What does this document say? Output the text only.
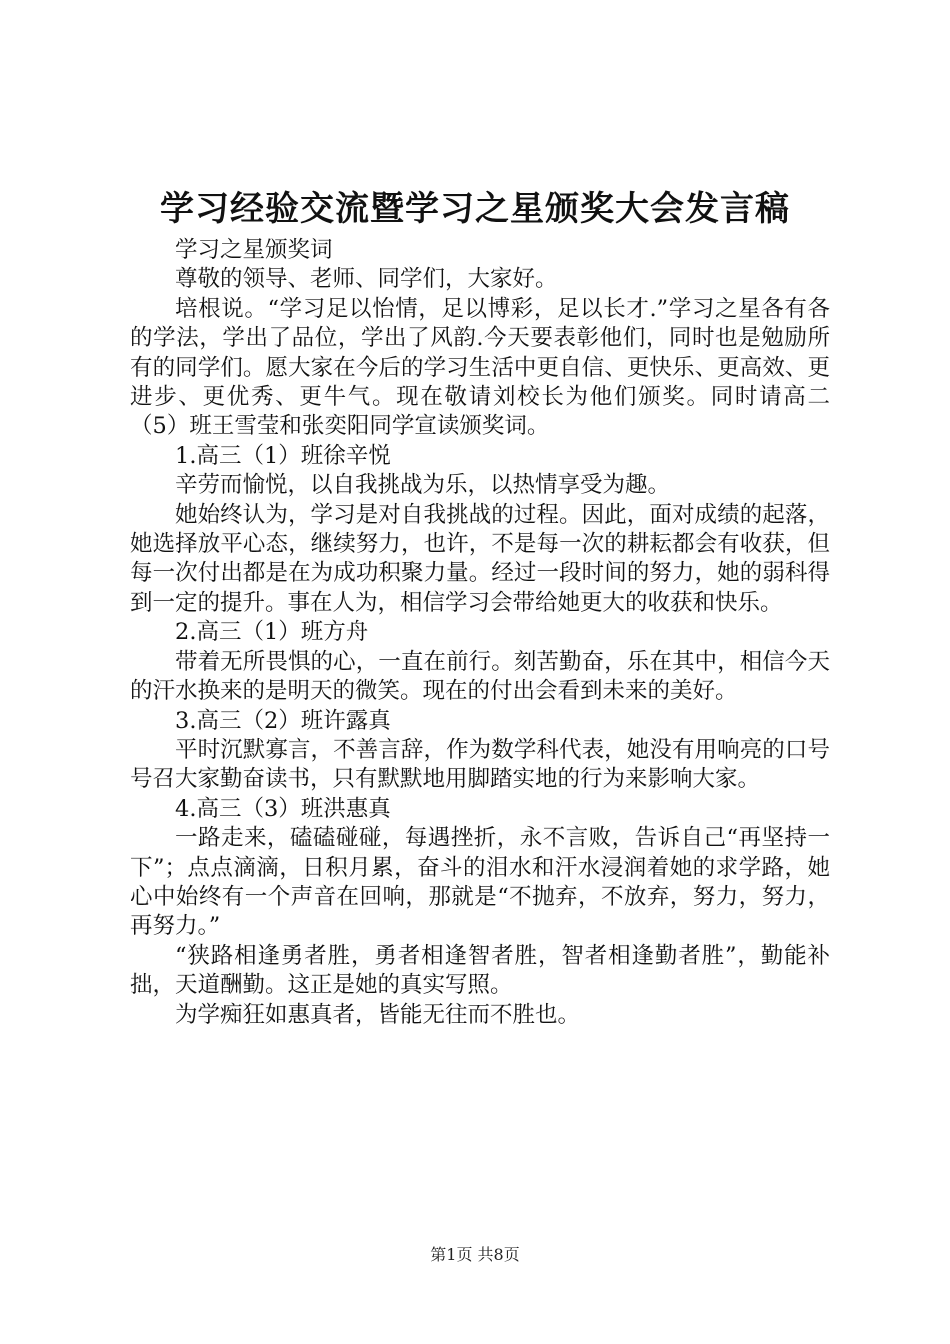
学习经验交流暨学习之星颁奖大会发言稿

学习之星颁奖词

尊敬的领导、老师、同学们，大家好。

培根说。“学习足以怡情，足以博彩，足以长才.”学习之星各有各的学法，学出了品位，学出了风韵.今天要表彰他们，同时也是勉励所有的同学们。愿大家在今后的学习生活中更自信、更快乐、更高效、更进步、更优秀、更牛气。现在敬请刘校长为他们颁奖。同时请高二（5）班王雪莹和张奕阳同学宣读颁奖词。

1.高三（1）班徐辛悦

辛劳而愉悦，以自我挑战为乐，以热情享受为趣。

她始终认为，学习是对自我挑战的过程。因此，面对成绩的起落，她选择放平心态，继续努力，也许，不是每一次的耕耘都会有收获，但每一次付出都是在为成功积聚力量。经过一段时间的努力，她的弱科得到一定的提升。事在人为，相信学习会带给她更大的收获和快乐。

2.高三（1）班方舟

带着无所畏惧的心，一直在前行。刻苦勤奋，乐在其中，相信今天的汗水换来的是明天的微笑。现在的付出会看到未来的美好。

3.高三（2）班许露真

平时沉默寡言，不善言辞，作为数学科代表，她没有用响亮的口号号召大家勤奋读书，只有默默地用脚踏实地的行为来影响大家。

4.高三（3）班洪惠真

一路走来，磕磕碰碰，每遇挫折，永不言败，告诉自己“再坚持一下”；点点滴滴，日积月累，奋斗的泪水和汗水浸润着她的求学路，她心中始终有一个声音在回响，那就是“不抛弃，不放弃，努力，努力，再努力。”

“狭路相逢勇者胜，勇者相逢智者胜，智者相逢勤者胜”，勤能补拙，天道酬勤。这正是她的真实写照。

为学痴狂如惠真者，皆能无往而不胜也。

第1页 共8页
